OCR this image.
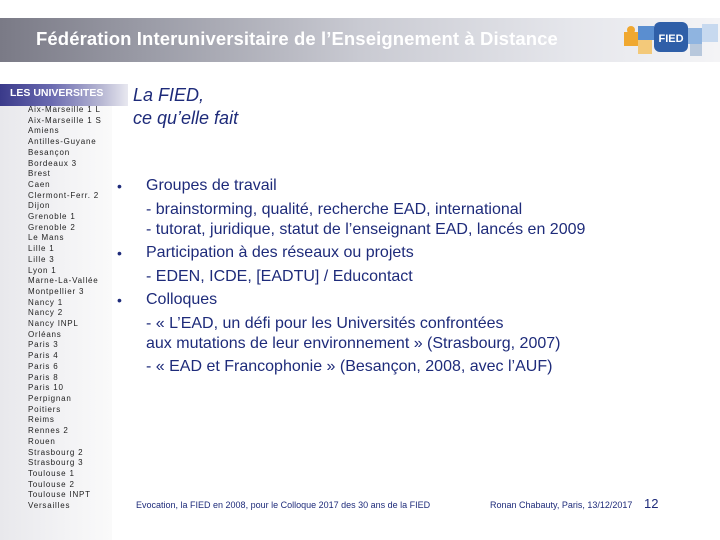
Fédération Interuniversitaire de l’Enseignement à Distance	FIED
LES UNIVERSITES
Aix-Marseille 1 L
Aix-Marseille 1 S
Amiens
Antilles-Guyane
Besançon
Bordeaux 3
Brest
Caen
Clermont-Ferr. 2
Dijon
Grenoble 1
Grenoble 2
Le Mans
Lille 1
Lille 3
Lyon 1
Marne-La-Vallée
Montpellier 3
Nancy 1
Nancy 2
Nancy INPL
Orléans
Paris 3
Paris 4
Paris 6
Paris 8
Paris 10
Perpignan
Poitiers
Reims
Rennes 2
Rouen
Strasbourg 2
Strasbourg 3
Toulouse 1
Toulouse 2
Toulouse INPT
Versailles
La FIED,
ce qu’elle fait
•
•
•
Groupes de travail
- brainstorming, qualité, recherche EAD, international
- tutorat, juridique, statut de l’enseignant EAD, lancés en 2009
Participation à des réseaux ou projets
- EDEN, ICDE, [EADTU] / Educontact
Colloques
- « L’EAD, un défi pour les Universités confrontées
aux mutations de leur environnement » (Strasbourg, 2007)
- « EAD et Francophonie » (Besançon, 2008, avec l’AUF)
Evocation, la FIED en 2008, pour le Colloque 2017 des 30 ans de la FIED	Ronan Chabauty, Paris, 13/12/2017 12
